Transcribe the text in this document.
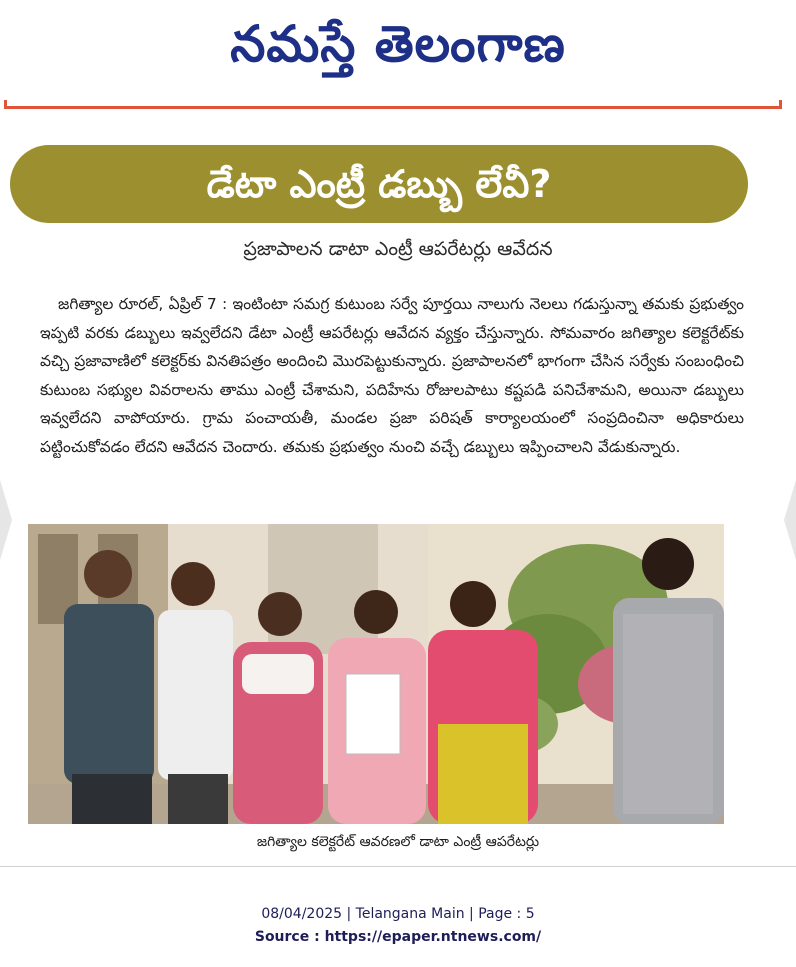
నమస్తే తెలంగాణ
డేటా ఎంట్రీ డబ్బు లేవీ?
ప్రజాపాలన డాటా ఎంట్రీ ఆపరేటర్లు ఆవేదన
జగిత్యాల రూరల్, ఏప్రిల్ 7 : ఇంటింటా సమగ్ర కుటుంబ సర్వే పూర్తయి నాలుగు నెలలు గడుస్తున్నా తమకు ప్రభుత్వం ఇప్పటి వరకు డబ్బులు ఇవ్వలేదని డేటా ఎంట్రీ ఆపరేటర్లు ఆవేదన వ్యక్తం చేస్తున్నారు. సోమవారం జగిత్యాల కలెక్టరేట్‌కు వచ్చి ప్రజావాణిలో కలెక్టర్‌కు వినతిపత్రం అందించి మొరపెట్టుకున్నారు. ప్రజాపాలనలో భాగంగా చేసిన సర్వేకు సంబంధించి కుటుంబ సభ్యుల వివరాలను తాము ఎంట్రీ చేశామని, పదిహేను రోజులపాటు కష్టపడి పనిచేశామని, అయినా డబ్బులు ఇవ్వలేదని వాపోయారు. గ్రామ పంచాయతీ, మండల ప్రజా పరిషత్ కార్యాలయంలో సంప్రదించినా అధికారులు పట్టించుకోవడం లేదని ఆవేదన చెందారు. తమకు ప్రభుత్వం నుంచి వచ్చే డబ్బులు ఇప్పించాలని వేడుకున్నారు.
జగిత్యాల కలెక్టరేట్ ఆవరణలో డాటా ఎంట్రీ ఆపరేటర్లు
08/04/2025 | Telangana Main | Page : 5
Source : https://epaper.ntnews.com/
